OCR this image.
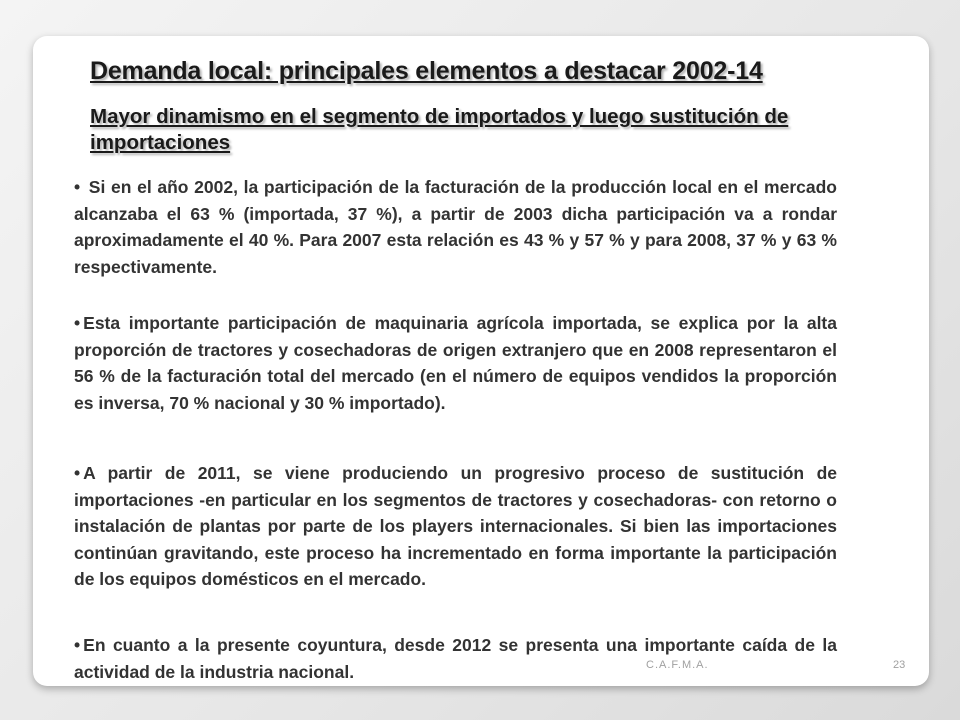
Demanda local: principales elementos a destacar 2002-14
Mayor dinamismo en el segmento de importados y luego sustitución de importaciones

• Si en el año 2002, la participación de la facturación de la producción local en el mercado alcanzaba el 63 % (importada, 37 %), a partir de 2003 dicha participación va a rondar aproximadamente el 40 %. Para 2007 esta relación es 43 % y 57 % y para 2008, 37 % y 63 % respectivamente.

• Esta importante participación de maquinaria agrícola importada, se explica por la alta proporción de tractores y cosechadoras de origen extranjero que en 2008 representaron el 56 % de la facturación total del mercado (en el número de equipos vendidos la proporción es inversa, 70 % nacional y 30 % importado).

• A partir de 2011, se viene produciendo un progresivo proceso de sustitución de importaciones -en particular en los segmentos de tractores y cosechadoras- con retorno o instalación de plantas por parte de los players internacionales. Si bien las importaciones continúan gravitando, este proceso ha incrementado en forma importante la participación de los equipos domésticos en el mercado.

• En cuanto a la presente coyuntura, desde 2012 se presenta una importante caída de la actividad de la industria nacional.	C.A.F.M.A.	23
